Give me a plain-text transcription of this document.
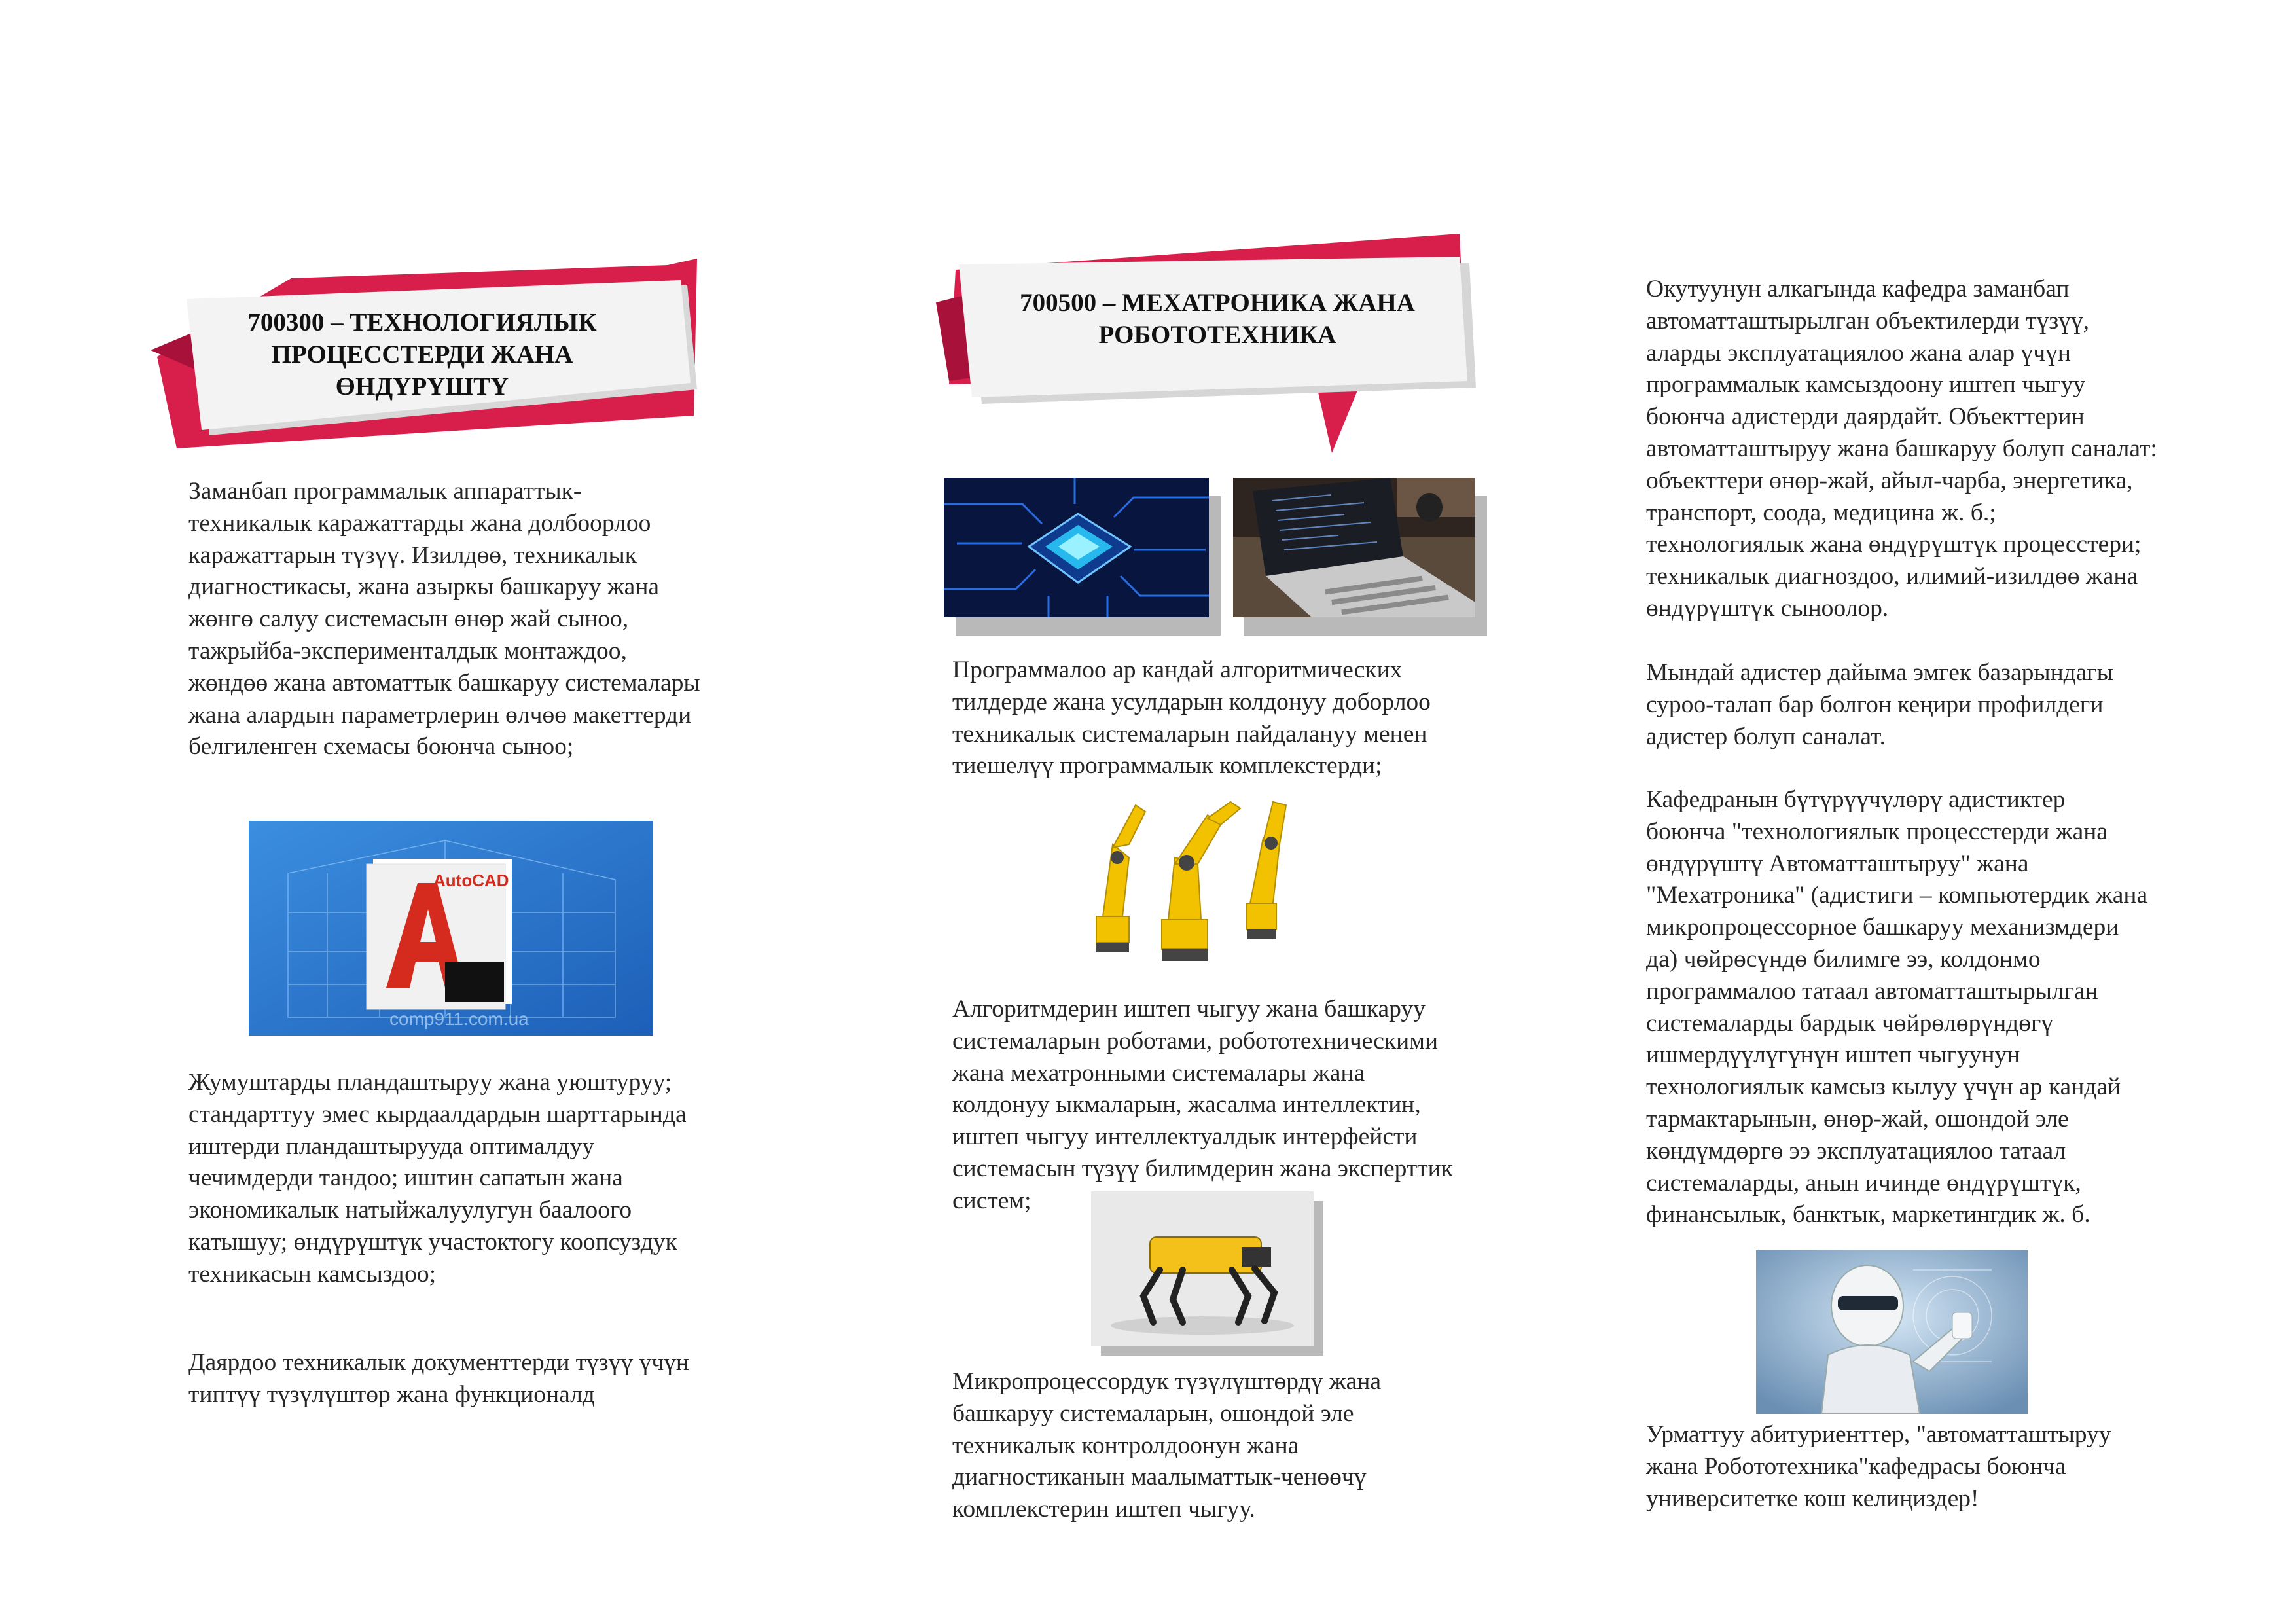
700300 – ТЕХНОЛОГИЯЛЫК
ПРОЦЕССТЕРДИ ЖАНА
ӨНДҮРҮШТҮ

Заманбап программалык аппараттык-
техникалык каражаттарды жана долбоорлоо
каражаттарын түзүү. Изилдөө, техникалык
диагностикасы, жана азыркы башкаруу жана
жөнгө салуу системасын өнөр жай сыноо,
тажрыйба-эксперименталдык монтаждоо,
жөндөө жана автоматтык башкаруу системалары
жана алардын параметрлерин өлчөө макеттерди
белгиленген схемасы боюнча сыноо;

AutoCAD
comp911.com.ua

Жумуштарды пландаштыруу жана уюштуруу;
стандарттуу эмес кырдаалдардын шарттарында
иштерди пландаштырууда оптималдуу
чечимдерди тандоо; иштин сапатын жана
экономикалык натыйжалуулугун баалоого
катышуу; өндүрүштүк участоктогу коопсуздук
техникасын камсыздоо;

Даярдоо техникалык документтерди түзүү үчүн
типтүү түзүлүштөр жана функционалд

700500 – МЕХАТРОНИКА ЖАНА
РОБОТОТЕХНИКА

Программалоо ар кандай алгоритмических
тилдерде жана усулдарын колдонуу доборлоо
техникалык системаларын пайдалануу менен
тиешелүү программалык комплекстерди;

Алгоритмдерин иштеп чыгуу жана башкаруу
системаларын роботами, робототехническими
жана мехатронными системалары жана
колдонуу ыкмаларын, жасалма интеллектин,
иштеп чыгуу интеллектуалдык интерфейсти
системасын түзүү билимдерин жана эксперттик
систем;

Микропроцессордук түзүлүштөрдү жана
башкаруу системаларын, ошондой эле
техникалык контролдоонун жана
диагностиканын маалыматтык-ченөөчү
комплекстерин иштеп чыгуу.

Окутуунун алкагында кафедра заманбап
автоматташтырылган объектилерди түзүү,
аларды эксплуатациялоо жана алар үчүн
программалык камсыздоону иштеп чыгуу
боюнча адистерди даярдайт. Объекттерин
автоматташтыруу жана башкаруу болуп саналат:
объекттери өнөр-жай, айыл-чарба, энергетика,
транспорт, соода, медицина ж. б.;
технологиялык жана өндүрүштүк процесстери;
техникалык диагноздоо, илимий-изилдөө жана
өндүрүштүк сыноолор.

Мындай адистер дайыма эмгек базарындагы
суроо-талап бар болгон кеңири профилдеги
адистер болуп саналат.

Кафедранын бүтүрүүчүлөрү адистиктер
боюнча "технологиялык процесстерди жана
өндүрүштү Автоматташтыруу" жана
"Мехатроника" (адистиги – компьютердик жана
микропроцессорное башкаруу механизмдери
да) чөйрөсүндө билимге ээ, колдонмо
программалоо татаал автоматташтырылган
системаларды бардык чөйрөлөрүндөгү
ишмердүүлүгүнүн иштеп чыгуунун
технологиялык камсыз кылуу үчүн ар кандай
тармактарынын, өнөр-жай, ошондой эле
көндүмдөргө ээ эксплуатациялоо татаал
системаларды, анын ичинде өндүрүштүк,
финансылык, банктык, маркетингдик ж. б.

Урматтуу абитуриенттер, "автоматташтыруу
жана Робототехника"кафедрасы боюнча
университетке кош келиңиздер!
